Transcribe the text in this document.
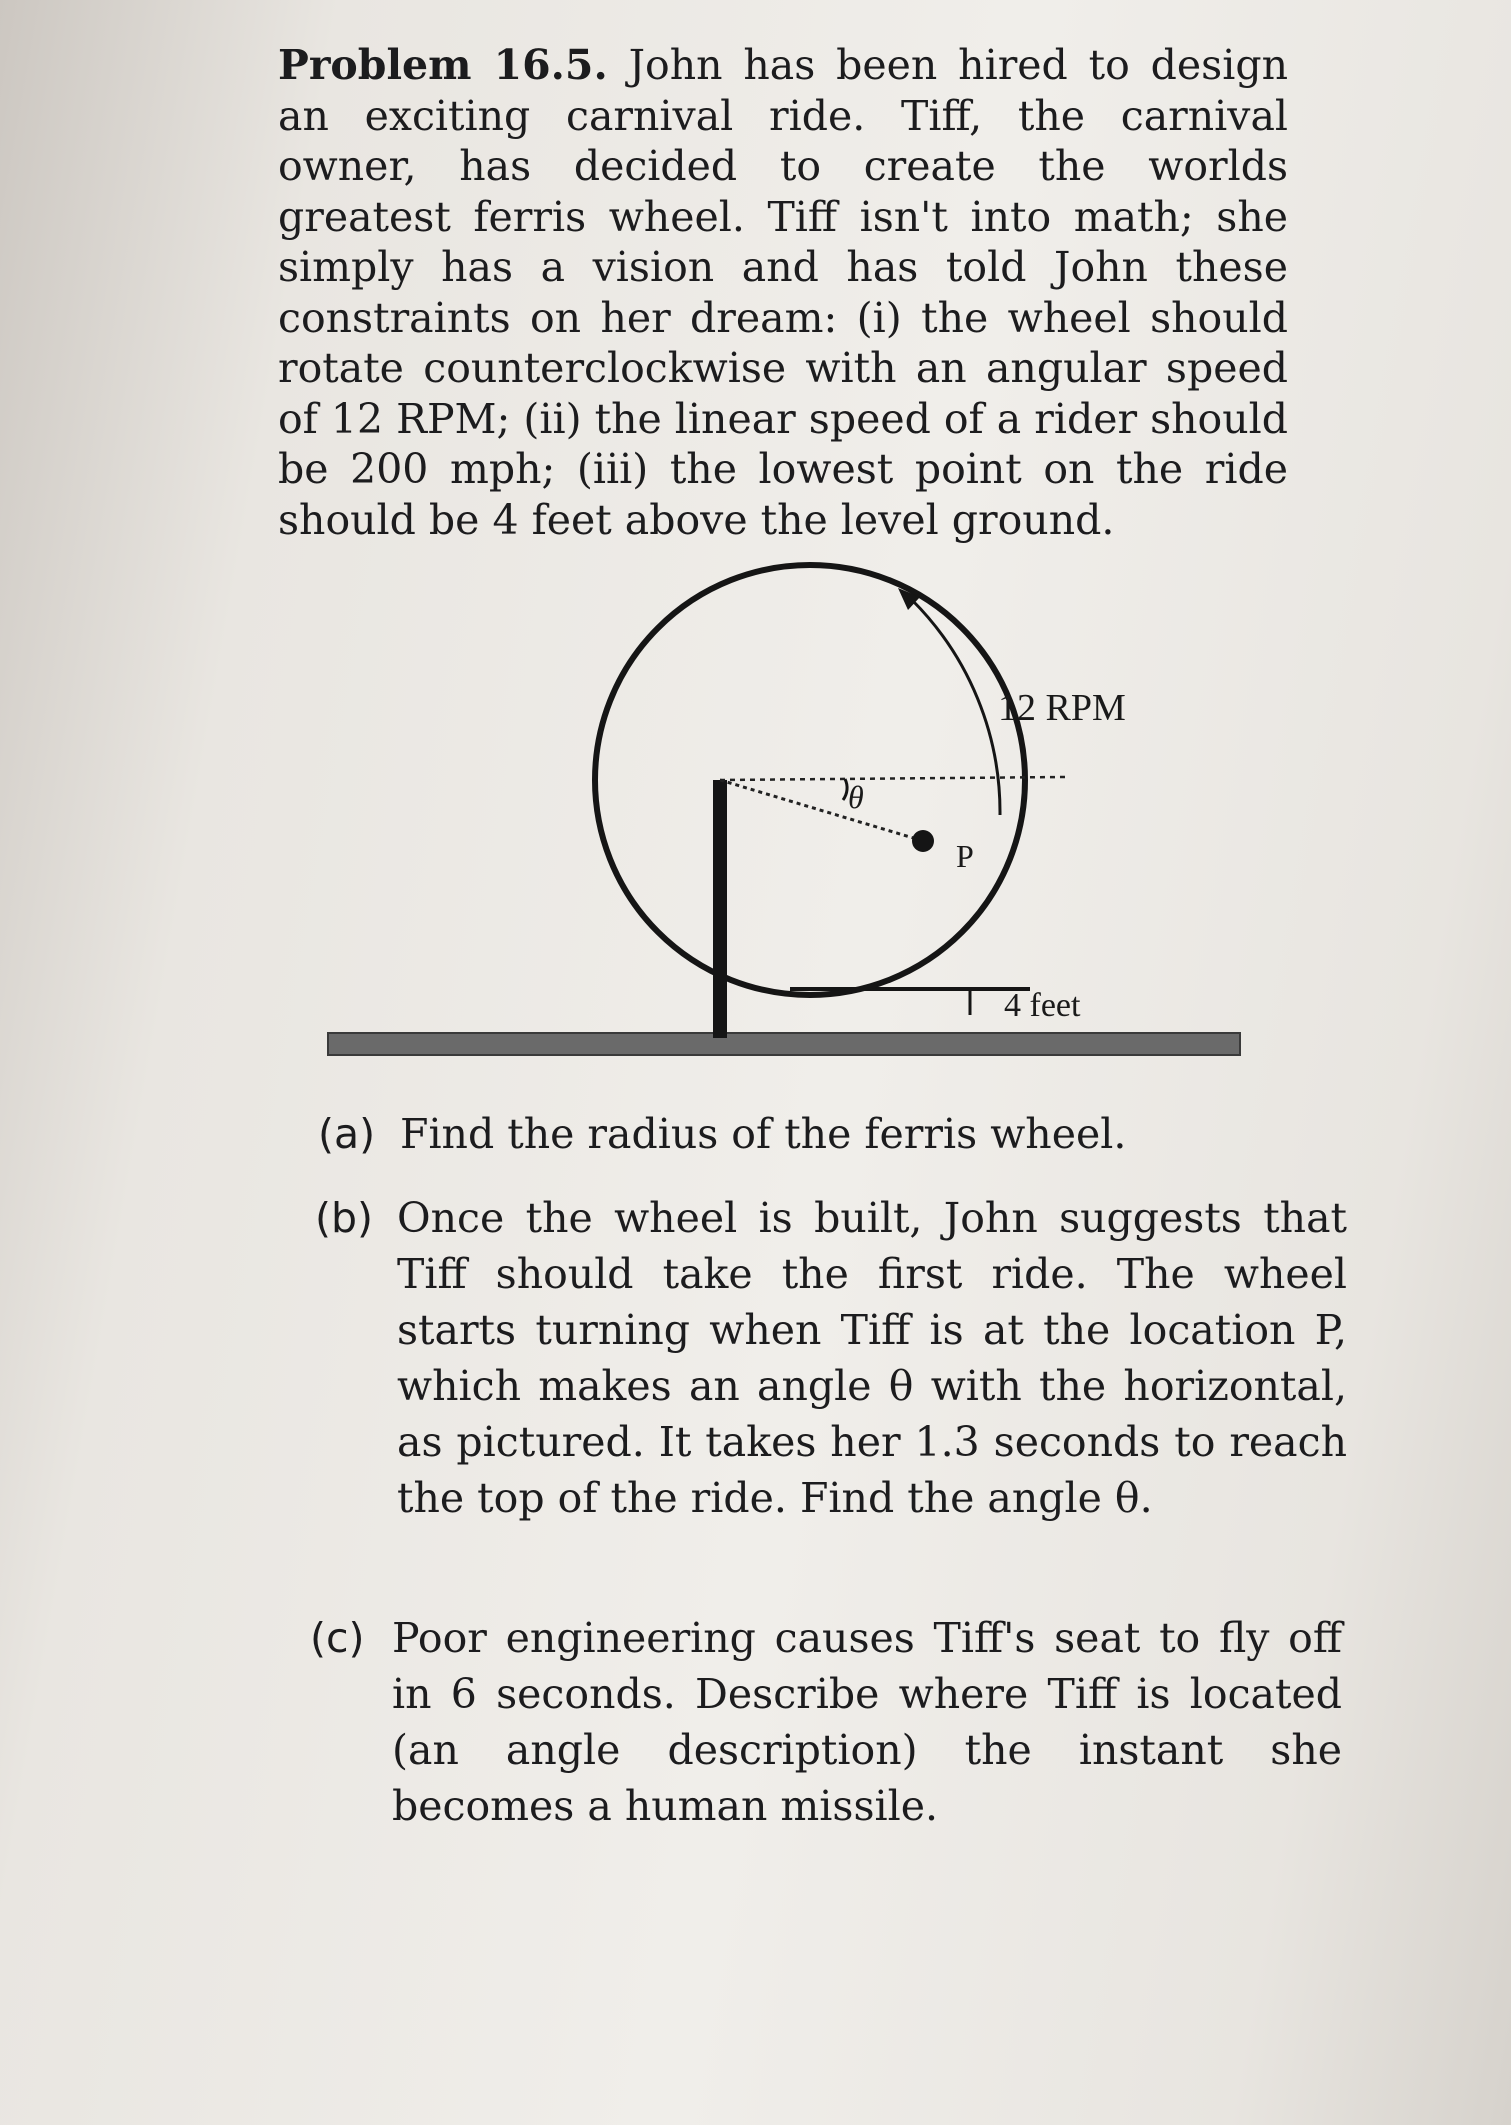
Problem 16.5. John has been hired to design an exciting carnival ride. Tiff, the carnival owner, has decided to create the worlds greatest ferris wheel. Tiff isn't into math; she simply has a vision and has told John these constraints on her dream: (i) the wheel should rotate counterclockwise with an angular speed of 12 RPM; (ii) the linear speed of a rider should be 200 mph; (iii) the lowest point on the ride should be 4 feet above the level ground.

12 RPM
θ
P
4 feet
(a) Find the radius of the ferris wheel.
(b) Once the wheel is built, John suggests that Tiff should take the first ride. The wheel starts turning when Tiff is at the location P, which makes an angle θ with the horizontal, as pictured. It takes her 1.3 seconds to reach the top of the ride. Find the angle θ.
(c) Poor engineering causes Tiff's seat to fly off in 6 seconds. Describe where Tiff is located (an angle description) the instant she becomes a human missile.
